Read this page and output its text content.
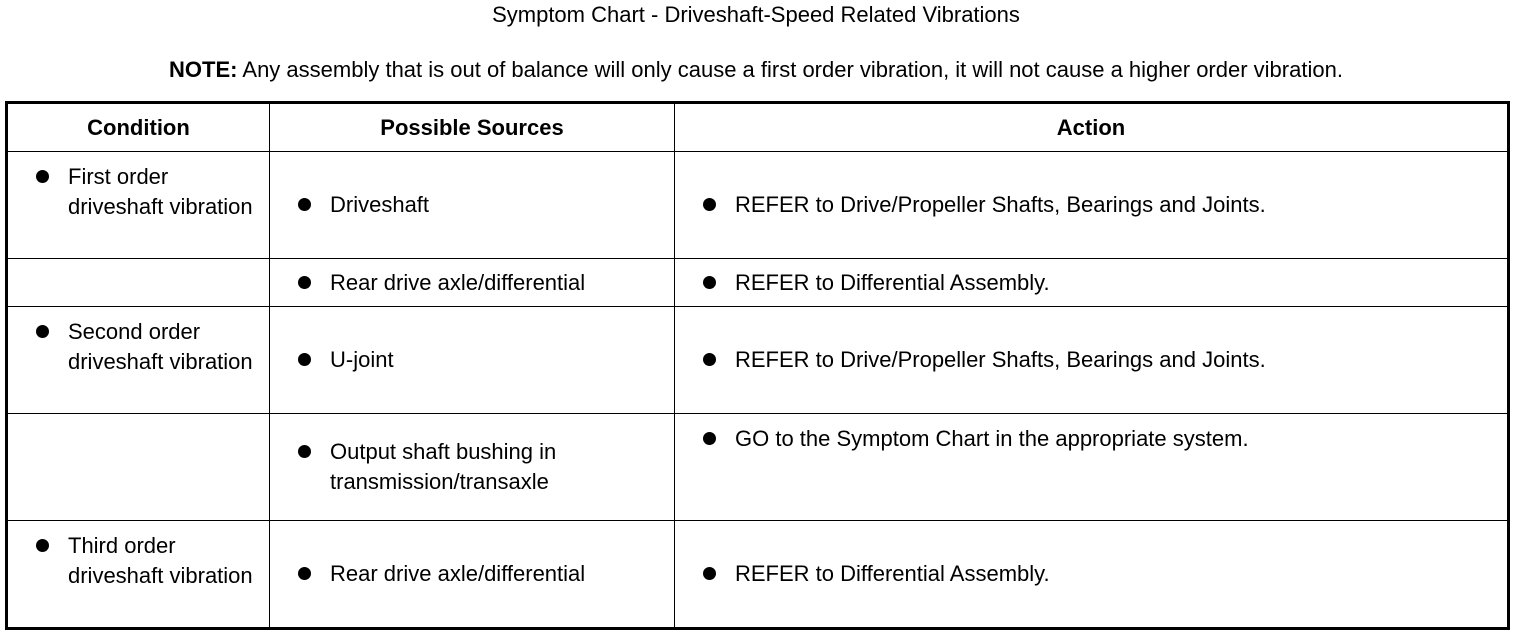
Symptom Chart - Driveshaft-Speed Related Vibrations
NOTE: Any assembly that is out of balance will only cause a first order vibration, it will not cause a higher order vibration.
Condition	Possible Sources	Action

First order driveshaft vibration	Driveshaft	REFER to Drive/Propeller Shafts, Bearings and Joints.

	Rear drive axle/differential	REFER to Differential Assembly.

Second order driveshaft vibration	U-joint	REFER to Drive/Propeller Shafts, Bearings and Joints.

	Output shaft bushing in transmission/transaxle	GO to the Symptom Chart in the appropriate system.

Third order driveshaft vibration	Rear drive axle/differential	REFER to Differential Assembly.
